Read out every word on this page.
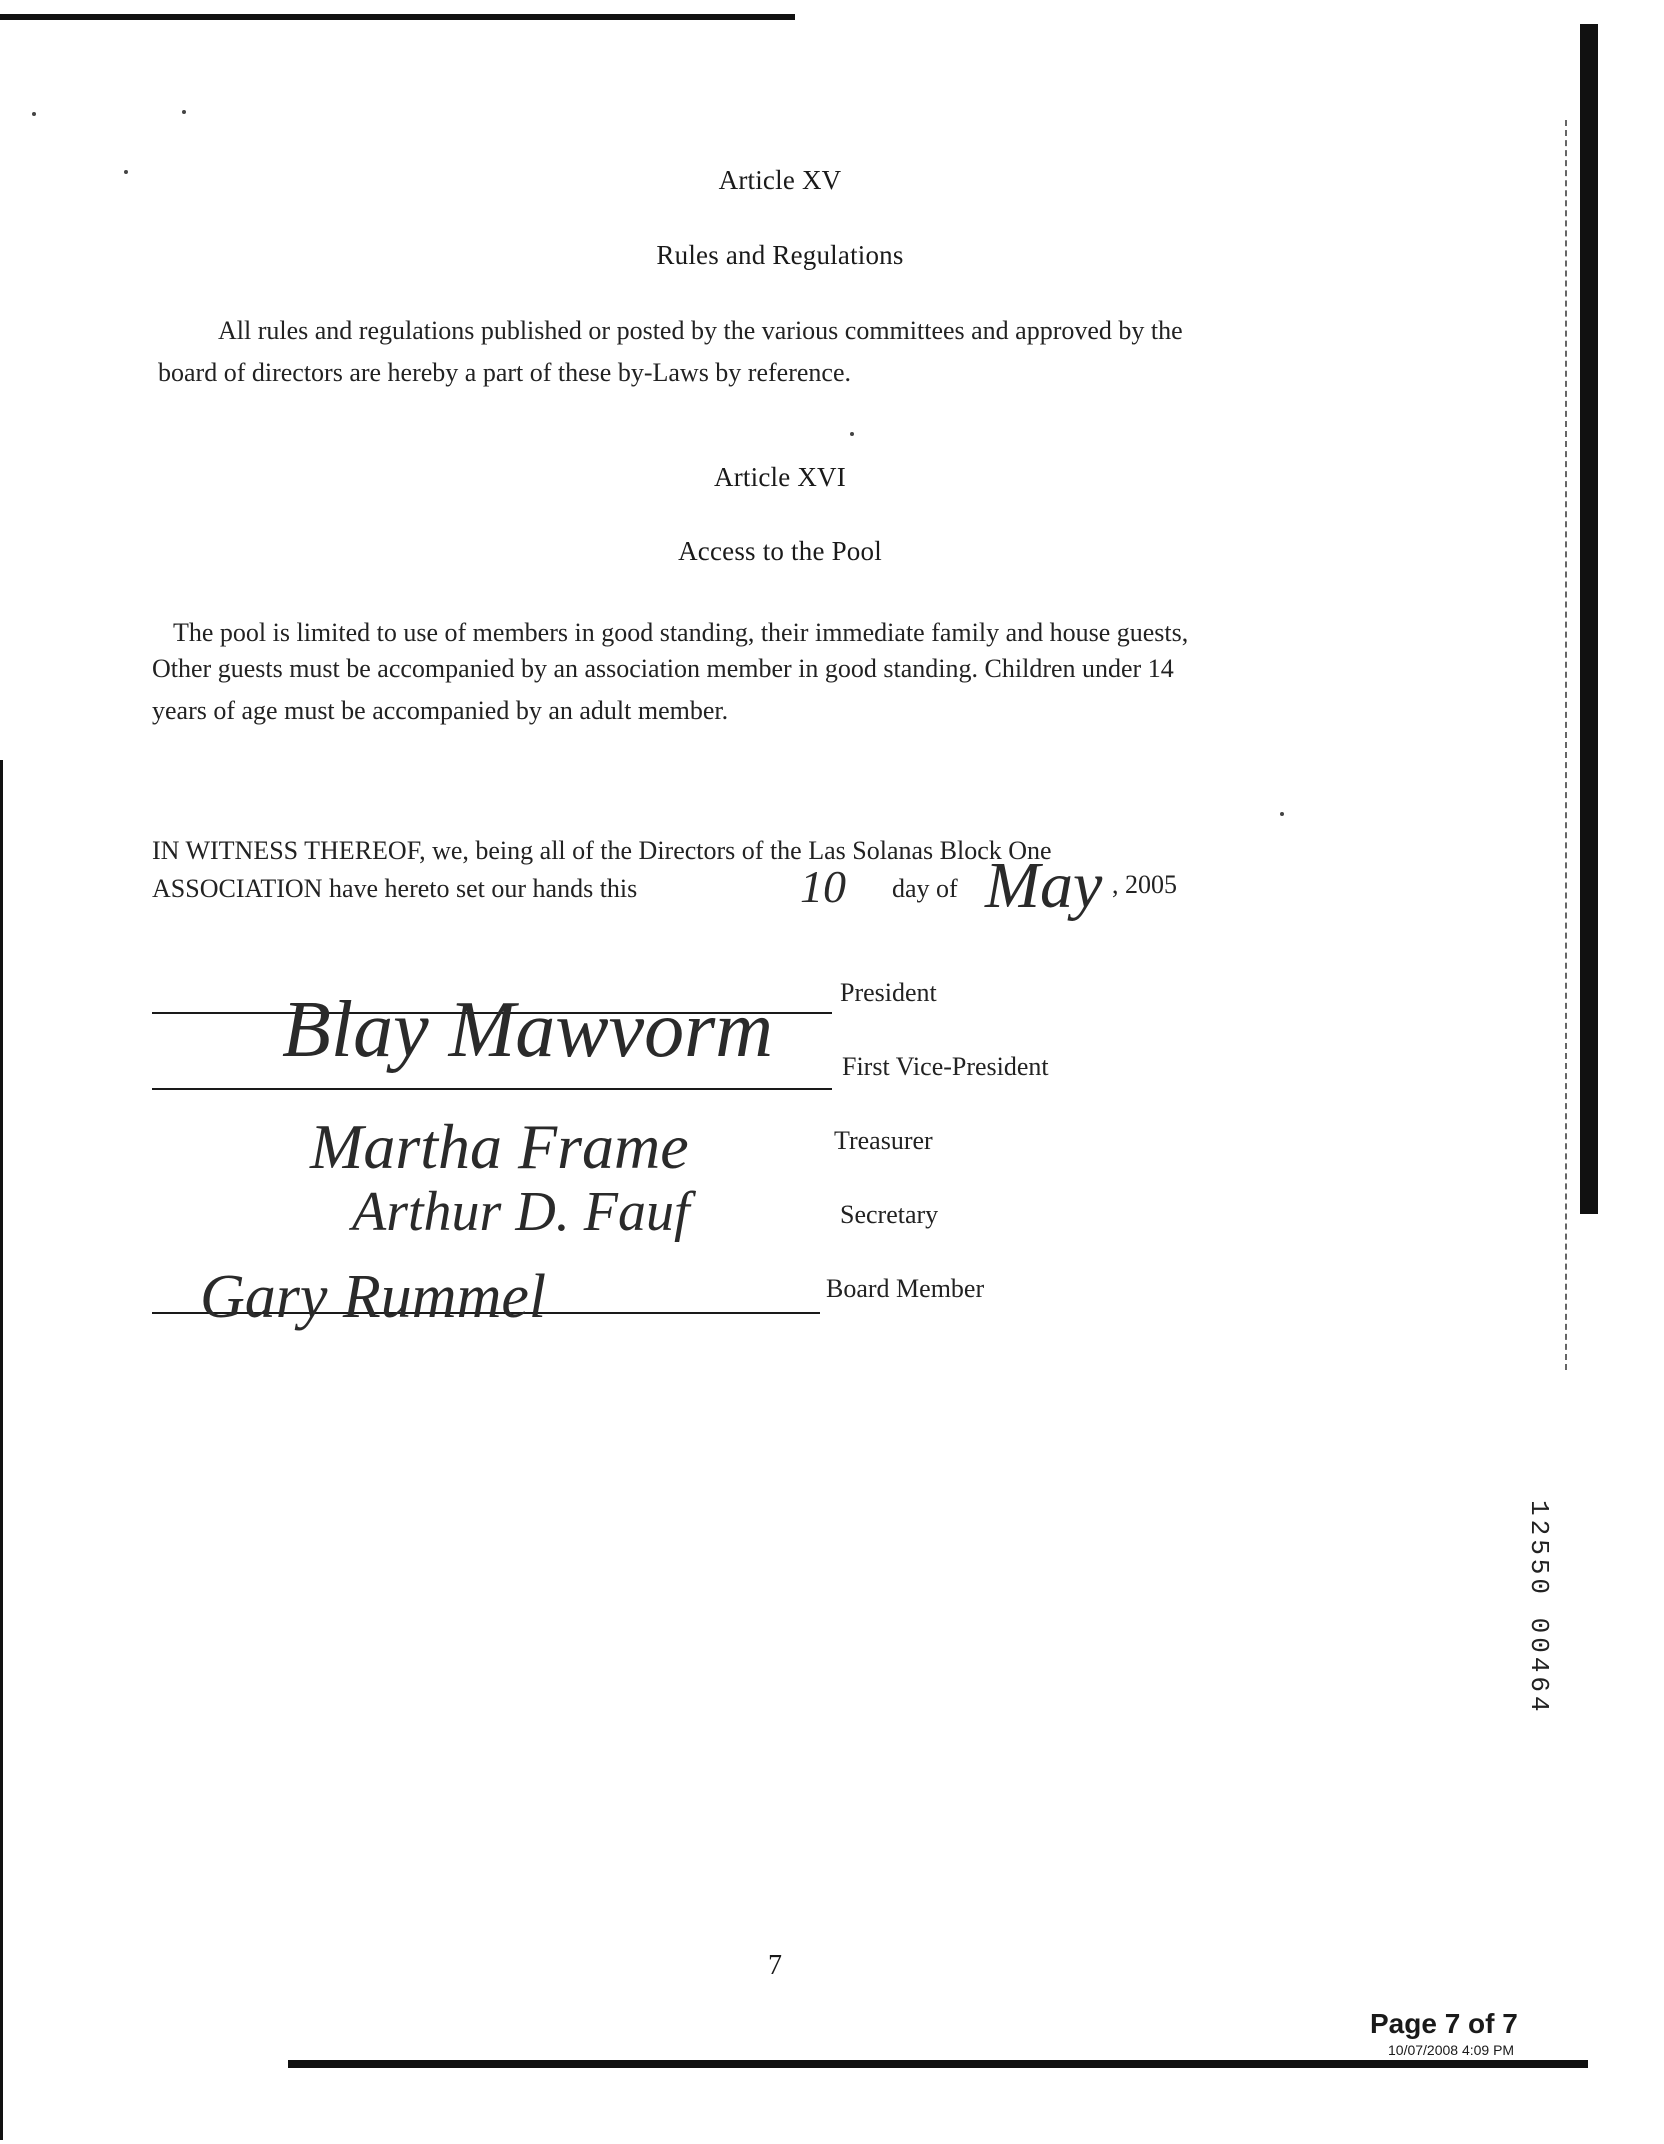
Article XV
Rules and Regulations
All rules and regulations published or posted by the various committees and approved by the
board of directors are hereby a part of these by-Laws by reference.
Article XVI
Access to the Pool
The pool is limited to use of members in good standing, their immediate family and house guests,
Other guests must be accompanied by an association member in good standing. Children under 14
years of age must be accompanied by an adult member.
IN WITNESS THEREOF, we, being all of the Directors of the Las Solanas Block One
ASSOCIATION have hereto set our hands this	10 day of May , 2005
President
Blay Mawvorm	First Vice-President
Treasurer
Martha Frame
Secretary
Arthur D. Fauf
Board Member
Gary Rummel
12550 00464
7
Page 7 of 7
10/07/2008 4:09 PM
